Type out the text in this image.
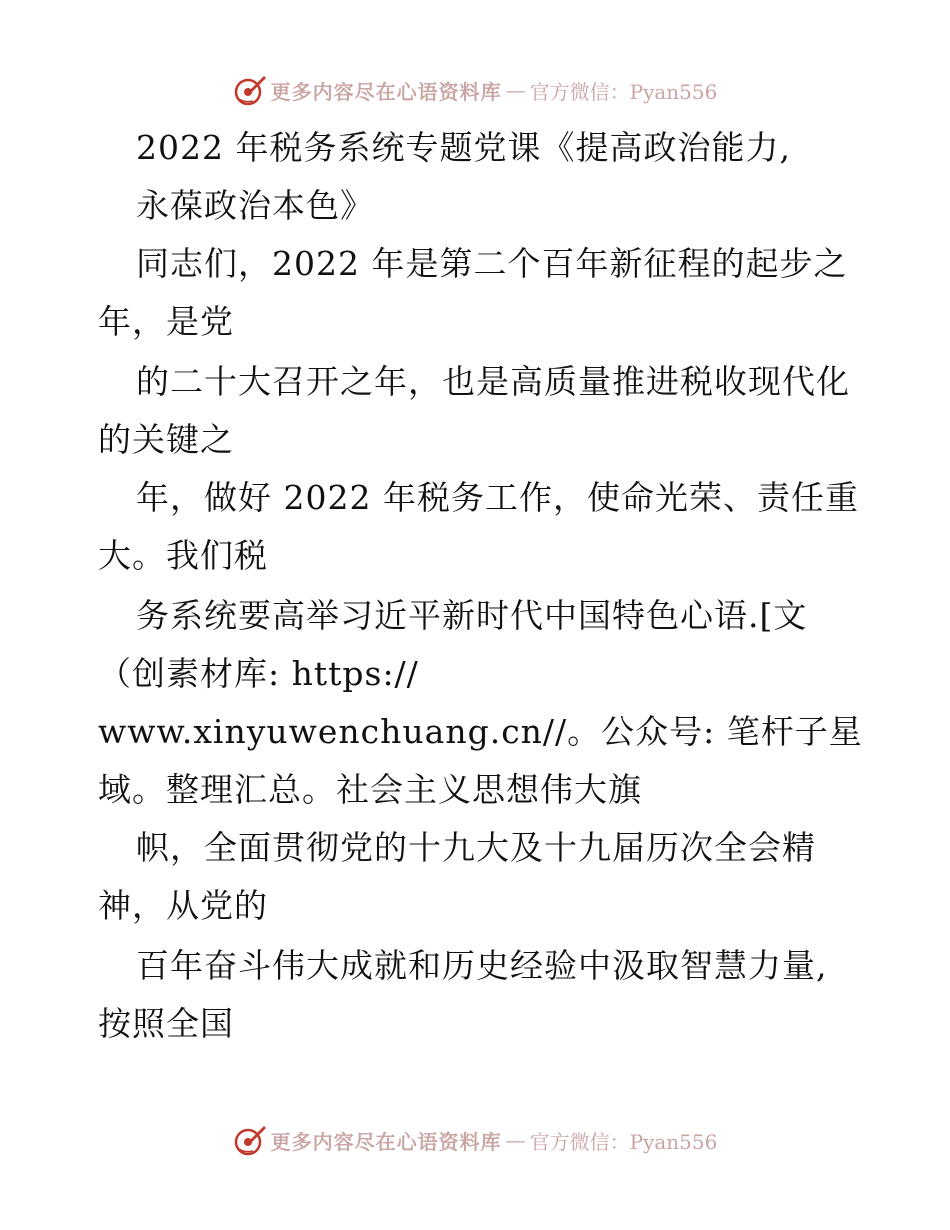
更多内容尽在心语资料库 — 官方微信：Pyan556
2022 年税务系统专题党课《提高政治能力,
永葆政治本色》
同志们，2022 年是第二个百年新征程的起步之
年，是党
的二十大召开之年，也是高质量推进税收现代化
的关键之
年，做好 2022 年税务工作，使命光荣、责任重
大。我们税
务系统要高举习近平新时代中国特色心语.[文
（创素材库: https://
www.xinyuwenchuang.cn//。公众号: 笔杆子星
域。整理汇总。社会主义思想伟大旗
帜，全面贯彻党的十九大及十九届历次全会精
神，从党的
百年奋斗伟大成就和历史经验中汲取智慧力量,
按照全国
更多内容尽在心语资料库 — 官方微信：Pyan556
